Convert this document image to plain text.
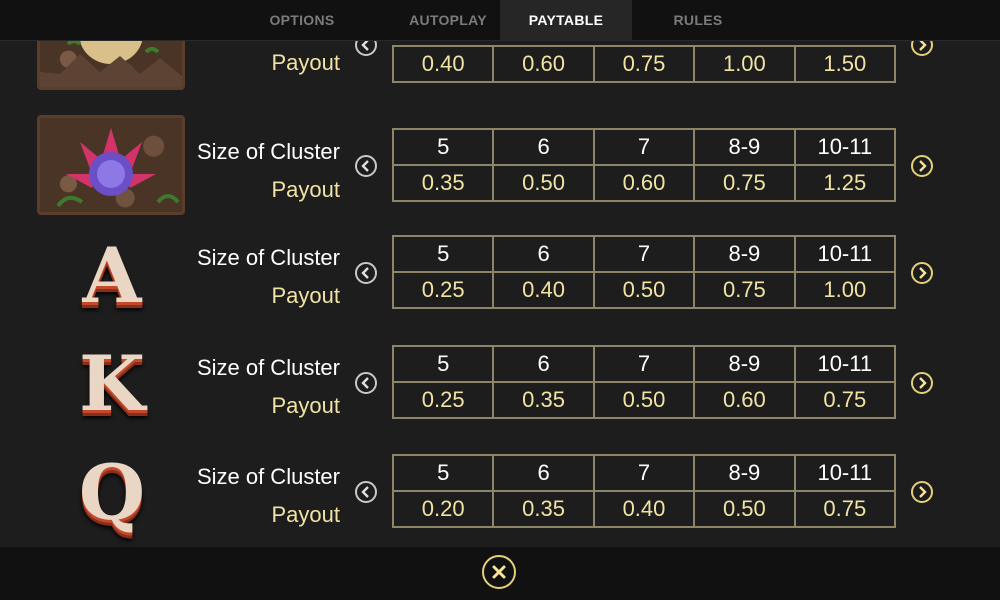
OPTIONS	AUTOPLAY	PAYTABLE	RULES
Payout	0.40	0.60	0.75	1.00	1.50
Size of Cluster
Payout
5	6	7	8-9	10-11
0.35	0.50	0.60	0.75	1.25
A	Size of Cluster
Payout
5	6	7	8-9	10-11
0.25	0.40	0.50	0.75	1.00
K	Size of Cluster
Payout
5	6	7	8-9	10-11
0.25	0.35	0.50	0.60	0.75
Q	Size of Cluster
Payout
5	6	7	8-9	10-11
0.20	0.35	0.40	0.50	0.75
